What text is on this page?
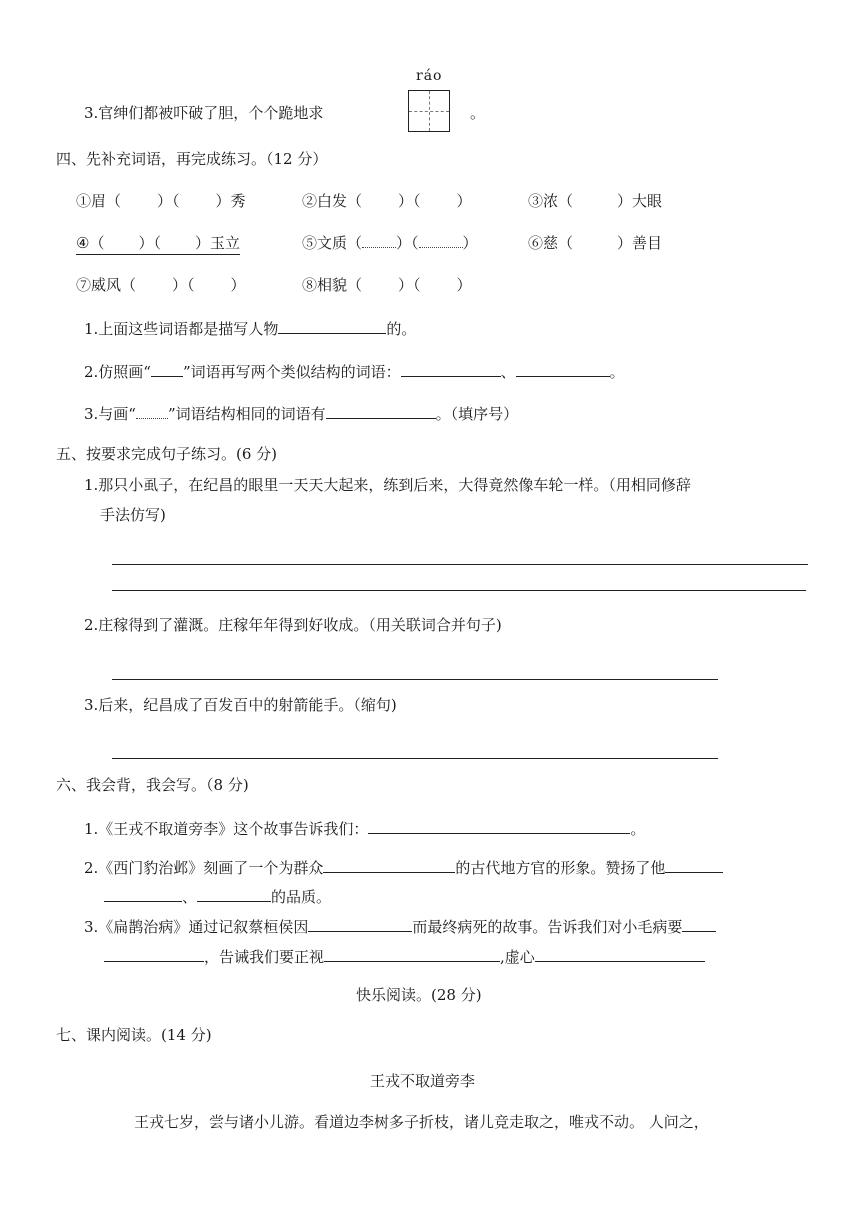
ráo
3.官绅们都被吓破了胆，个个跪地求	。
四、先补充词语，再完成练习。（12 分）
①眉（ ）（ ）秀	②白发（ ）（ ）	③浓（	）大眼
④（ ）（ ）玉立	⑤文质（ ）（	）	⑥慈（	）善目
⑦威风（ ）（ ）	⑧相貌（ ）（ ）
1.上面这些词语都是描写人物	的。
2.仿照画“ ”词语再写两个类似结构的词语：	、	。
3.与画“ ”词语结构相同的词语有	。（填序号）
五、按要求完成句子练习。(6 分)
1.那只小虱子，在纪昌的眼里一天天大起来，练到后来，大得竟然像车轮一样。（用相同修辞
手法仿写)
2.庄稼得到了灌溉。庄稼年年得到好收成。（用关联词合并句子)
3.后来，纪昌成了百发百中的射箭能手。（缩句)
六、我会背，我会写。（8 分)
1.《王戎不取道旁李》这个故事告诉我们：	。
2.《西门豹治邺》刻画了一个为群众	的古代地方官的形象。赞扬了他
、	的品质。
3.《扁鹊治病》通过记叙蔡桓侯因	而最终病死的故事。告诉我们对小毛病要
，告诫我们要正视	,虚心
快乐阅读。(28 分)
七、课内阅读。(14 分)
王戎不取道旁李
王戎七岁，尝与诸小儿游。看道边李树多子折枝，诸儿竞走取之，唯戎不动。 人问之，
